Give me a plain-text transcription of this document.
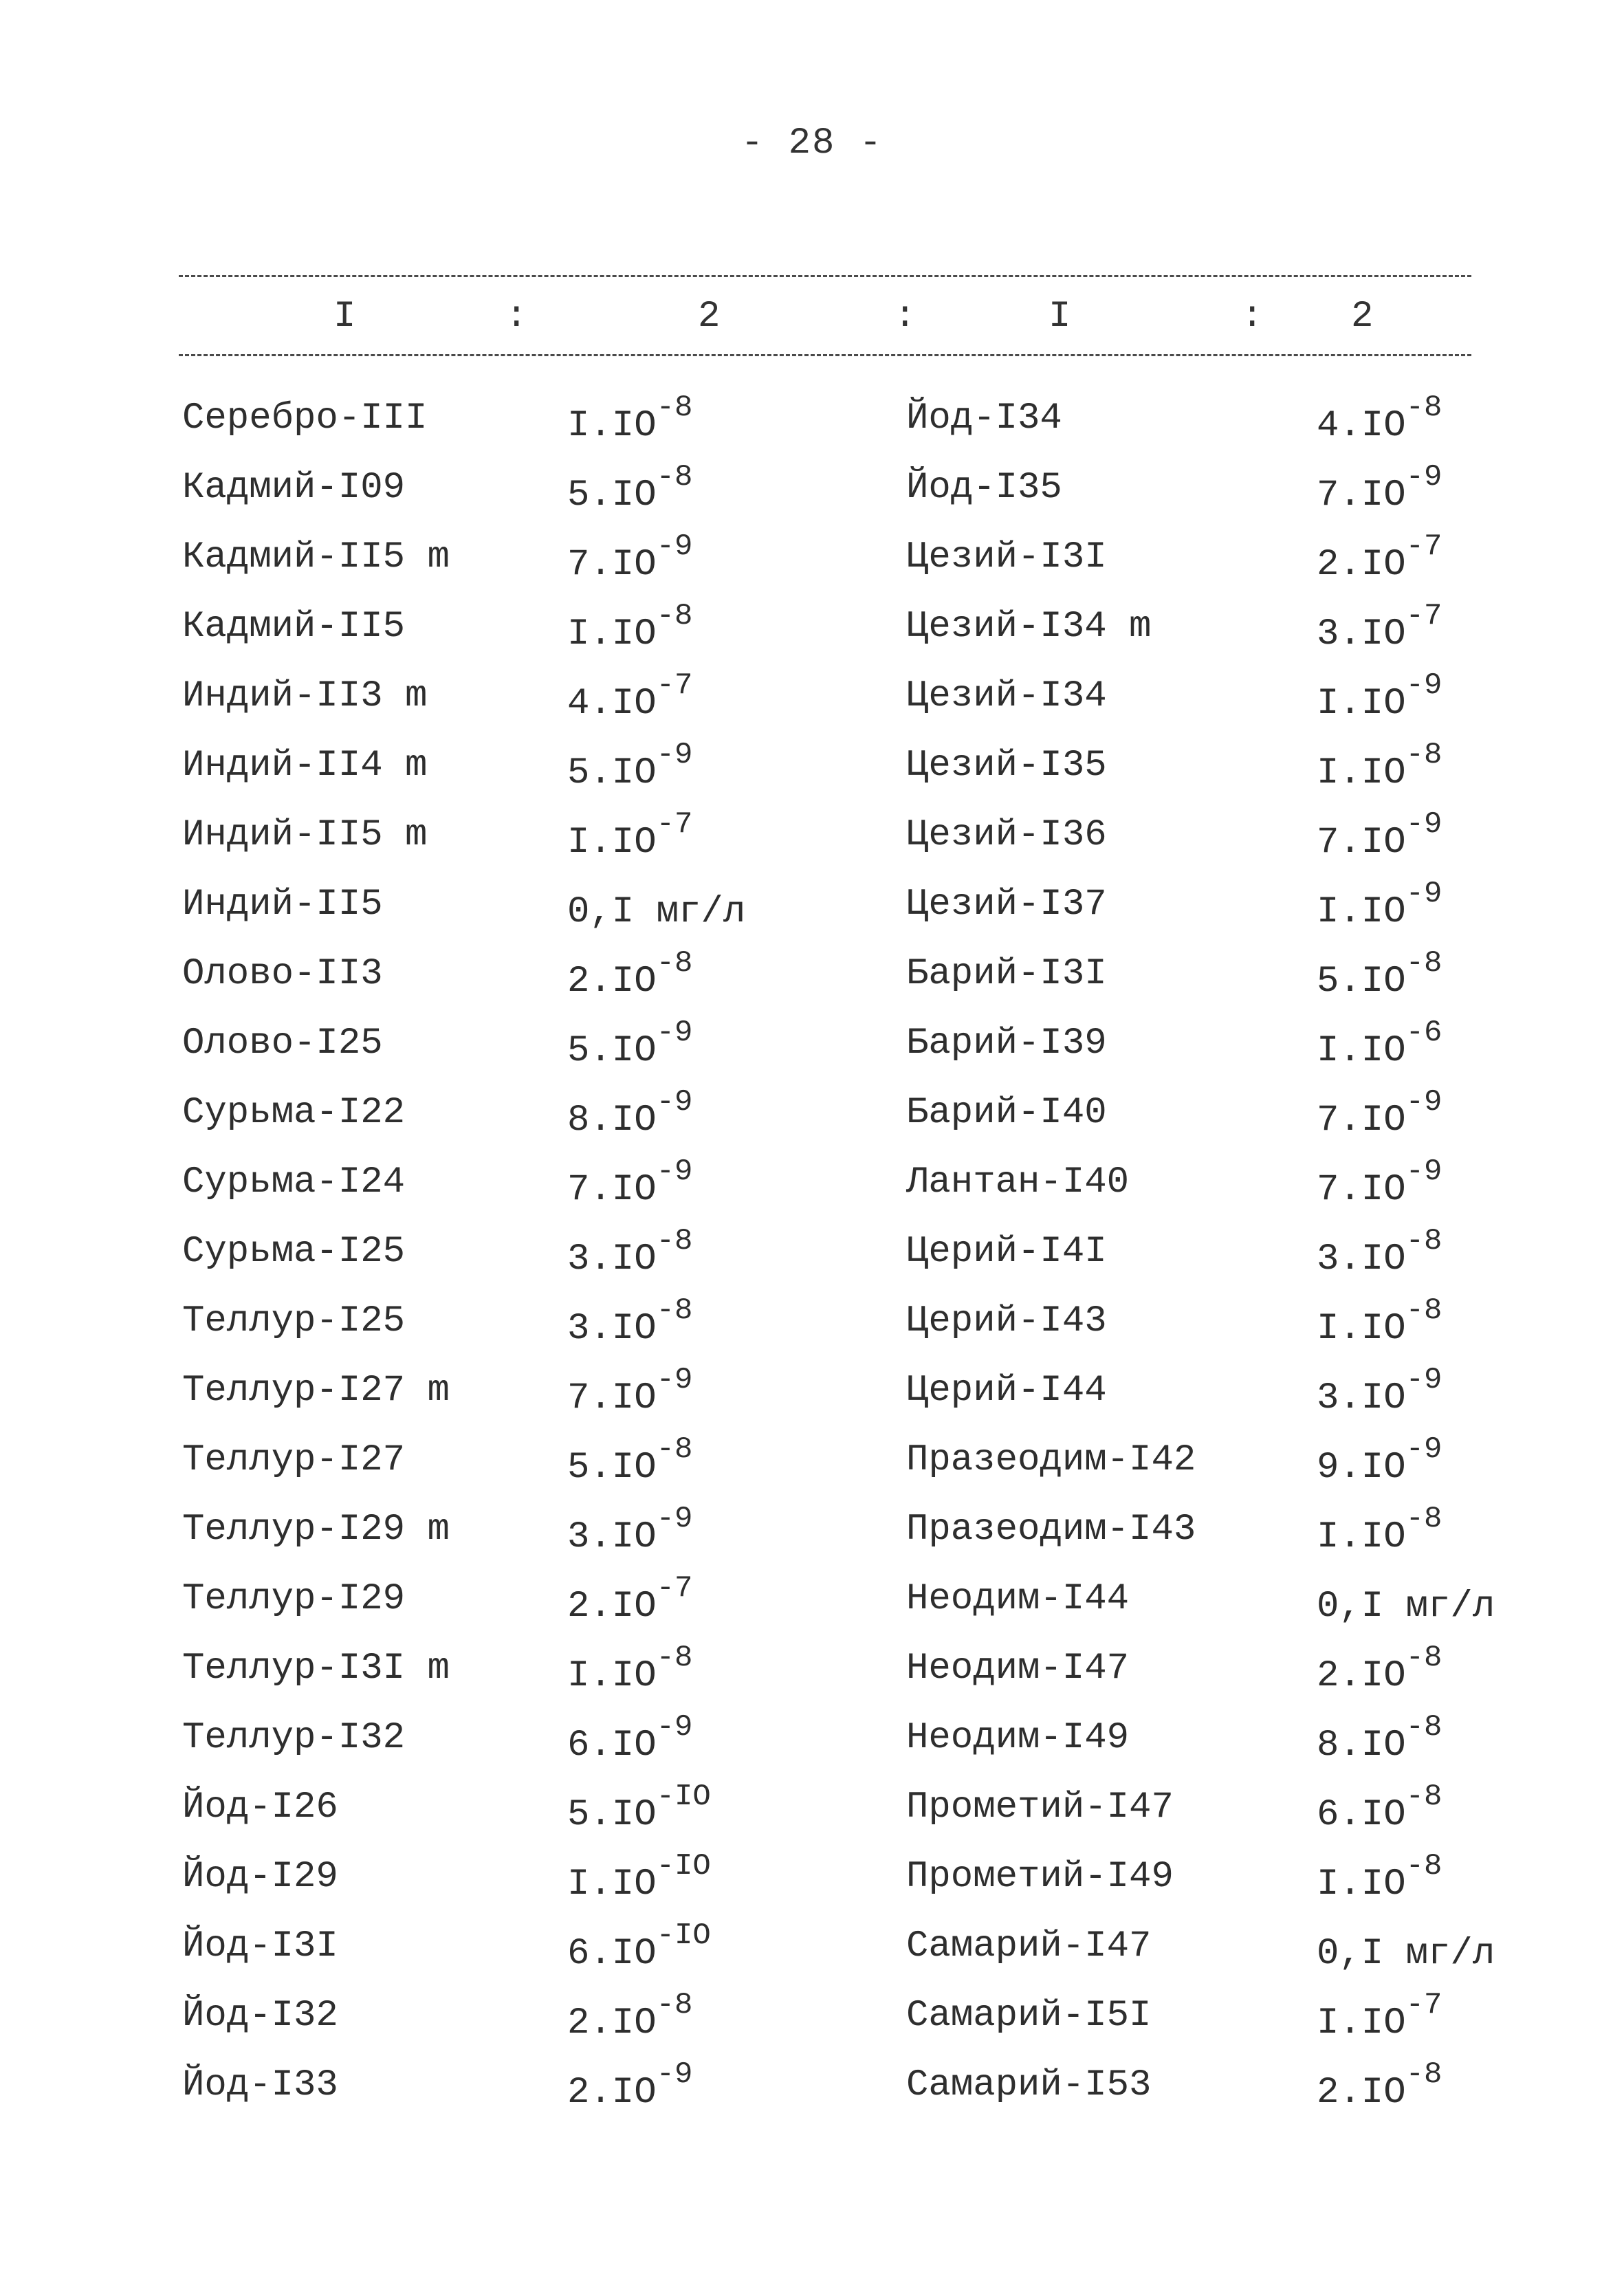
- 28 -
I	:	2	:	I	: 2
Серебро-III	$I.IO^{-8}$	Йод-I34	$4.IO^{-8}$
Кадмий-I09	$5.IO^{-8}$	Йод-I35	$7.IO^{-9}$
Кадмий-II5 m	$7.IO^{-9}$	Цезий-I3I	$2.IO^{-7}$
Кадмий-II5	$I.IO^{-8}$	Цезий-I34 m	$3.IO^{-7}$
Индий-II3 m	$4.IO^{-7}$	Цезий-I34	$I.IO^{-9}$
Индий-II4 m	$5.IO^{-9}$	Цезий-I35	$I.IO^{-8}$
Индий-II5 m	$I.IO^{-7}$	Цезий-I36	$7.IO^{-9}$
Индий-II5	0,I мг/л	Цезий-I37	$I.IO^{-9}$
Олово-II3	$2.IO^{-8}$	Барий-I3I	$5.IO^{-8}$
Олово-I25	$5.IO^{-9}$	Барий-I39	$I.IO^{-6}$
Сурьма-I22	$8.IO^{-9}$	Барий-I40	$7.IO^{-9}$
Сурьма-I24	$7.IO^{-9}$	Лантан-I40	$7.IO^{-9}$
Сурьма-I25	$3.IO^{-8}$	Церий-I4I	$3.IO^{-8}$
Теллур-I25	$3.IO^{-8}$	Церий-I43	$I.IO^{-8}$
Теллур-I27 m	$7.IO^{-9}$	Церий-I44	$3.IO^{-9}$
Теллур-I27	$5.IO^{-8}$	Празеодим-I42	$9.IO^{-9}$
Теллур-I29 m	$3.IO^{-9}$	Празеодим-I43	$I.IO^{-8}$
Теллур-I29	$2.IO^{-7}$	Неодим-I44	0,I мг/л
Теллур-I3I m	$I.IO^{-8}$	Неодим-I47	$2.IO^{-8}$
Теллур-I32	$6.IO^{-9}$	Неодим-I49	$8.IO^{-8}$
Йод-I26	$5.IO^{-IO}$	Прометий-I47	$6.IO^{-8}$
Йод-I29	$I.IO^{-IO}$	Прометий-I49	$I.IO^{-8}$
Йод-I3I	$6.IO^{-IO}$	Самарий-I47	0,I мг/л
Йод-I32	$2.IO^{-8}$	Самарий-I5I	$I.IO^{-7}$
Йод-I33	$2.IO^{-9}$	Самарий-I53	$2.IO^{-8}$
